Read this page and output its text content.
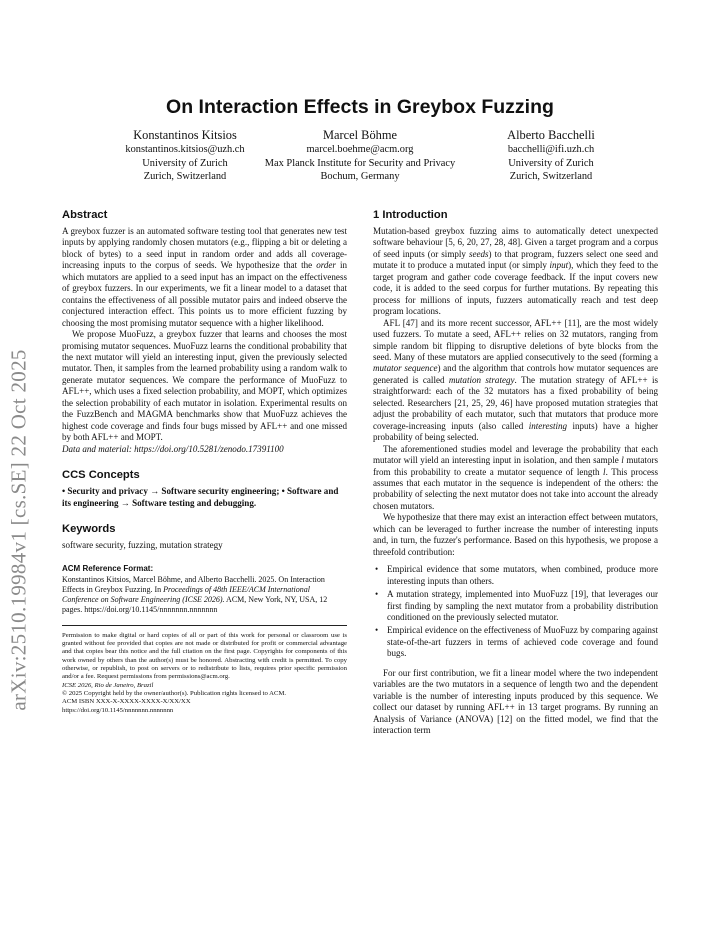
arXiv:2510.19984v1 [cs.SE] 22 Oct 2025
On Interaction Effects in Greybox Fuzzing
Konstantinos Kitsios
konstantinos.kitsios@uzh.ch
University of Zurich
Zurich, Switzerland
Marcel Böhme
marcel.boehme@acm.org
Max Planck Institute for Security and Privacy
Bochum, Germany
Alberto Bacchelli
bacchelli@ifi.uzh.ch
University of Zurich
Zurich, Switzerland
Abstract

A greybox fuzzer is an automated software testing tool that generates new test inputs by applying randomly chosen mutators (e.g., flipping a bit or deleting a block of bytes) to a seed input in random order and adds all coverage-increasing inputs to the corpus of seeds. We hypothesize that the order in which mutators are applied to a seed input has an impact on the effectiveness of greybox fuzzers. In our experiments, we fit a linear model to a dataset that contains the effectiveness of all possible mutator pairs and indeed observe the conjectured interaction effect. This points us to more efficient fuzzing by choosing the most promising mutator sequence with a higher likelihood.

We propose MuoFuzz, a greybox fuzzer that learns and chooses the most promising mutator sequences. MuoFuzz learns the conditional probability that the next mutator will yield an interesting input, given the previously selected mutator. Then, it samples from the learned probability using a random walk to generate mutator sequences. We compare the performance of MuoFuzz to AFL++, which uses a fixed selection probability, and MOPT, which optimizes the selection probability of each mutator in isolation. Experimental results on the FuzzBench and MAGMA benchmarks show that MuoFuzz achieves the highest code coverage and finds four bugs missed by AFL++ and one missed by both AFL++ and MOPT.

Data and material: https://doi.org/10.5281/zenodo.17391100

CCS Concepts

• Security and privacy → Software security engineering; • Software and its engineering → Software testing and debugging.

Keywords

software security, fuzzing, mutation strategy

ACM Reference Format:

Konstantinos Kitsios, Marcel Böhme, and Alberto Bacchelli. 2025. On Interaction Effects in Greybox Fuzzing. In Proceedings of 48th IEEE/ACM International Conference on Software Engineering (ICSE 2026). ACM, New York, NY, USA, 12 pages. https://doi.org/10.1145/nnnnnnn.nnnnnnn

Permission to make digital or hard copies of all or part of this work for personal or classroom use is granted without fee provided that copies are not made or distributed for profit or commercial advantage and that copies bear this notice and the full citation on the first page. Copyrights for components of this work owned by others than the author(s) must be honored. Abstracting with credit is permitted. To copy otherwise, or republish, to post on servers or to redistribute to lists, requires prior specific permission and/or a fee. Request permissions from permissions@acm.org.
ICSE 2026, Rio de Janeiro, Brazil
© 2025 Copyright held by the owner/author(s). Publication rights licensed to ACM.
ACM ISBN XXX-X-XXXX-XXXX-X/XX/XX
https://doi.org/10.1145/nnnnnnn.nnnnnnn
1 Introduction

Mutation-based greybox fuzzing aims to automatically detect unexpected software behaviour [5, 6, 20, 27, 28, 48]. Given a target program and a corpus of seed inputs (or simply seeds) to that program, fuzzers select one seed and mutate it to produce a mutated input (or simply input), which they feed to the target program and gather code coverage feedback. If the input covers new code, it is added to the seed corpus for further mutations. By repeating this process for millions of inputs, fuzzers automatically reach and test deep program locations.

AFL [47] and its more recent successor, AFL++ [11], are the most widely used fuzzers. To mutate a seed, AFL++ relies on 32 mutators, ranging from simple random bit flipping to disruptive deletions of byte blocks from the seed. Many of these mutators are applied consecutively to the seed (forming a mutator sequence) and the algorithm that controls how mutator sequences are generated is called mutation strategy. The mutation strategy of AFL++ is straightforward: each of the 32 mutators has a fixed probability of being selected. Researchers [21, 25, 29, 46] have proposed mutation strategies that adjust the probability of each mutator, such that mutators that produce more coverage-increasing inputs (also called interesting inputs) have a higher probability of being selected.

The aforementioned studies model and leverage the probability that each mutator will yield an interesting input in isolation, and then sample l mutators from this probability to create a mutator sequence of length l. This process assumes that each mutator in the sequence is independent of the others: the probability of selecting the next mutator does not take into account the already chosen mutators.

We hypothesize that there may exist an interaction effect between mutators, which can be leveraged to further increase the number of interesting inputs and, in turn, the fuzzer's performance. Based on this hypothesis, we propose a threefold contribution:

• Empirical evidence that some mutators, when combined, produce more interesting inputs than others.
• A mutation strategy, implemented into MuoFuzz [19], that leverages our first finding by sampling the next mutator from a probability distribution conditioned on the previously selected mutator.
• Empirical evidence on the effectiveness of MuoFuzz by comparing against state-of-the-art fuzzers in terms of achieved code coverage and found bugs.

For our first contribution, we fit a linear model where the two independent variables are the two mutators in a sequence of length two and the dependent variable is the number of interesting inputs produced by this sequence. We collect our dataset by running AFL++ in 13 target programs. By running an Analysis of Variance (ANOVA) [12] on the fitted model, we find that the interaction term
